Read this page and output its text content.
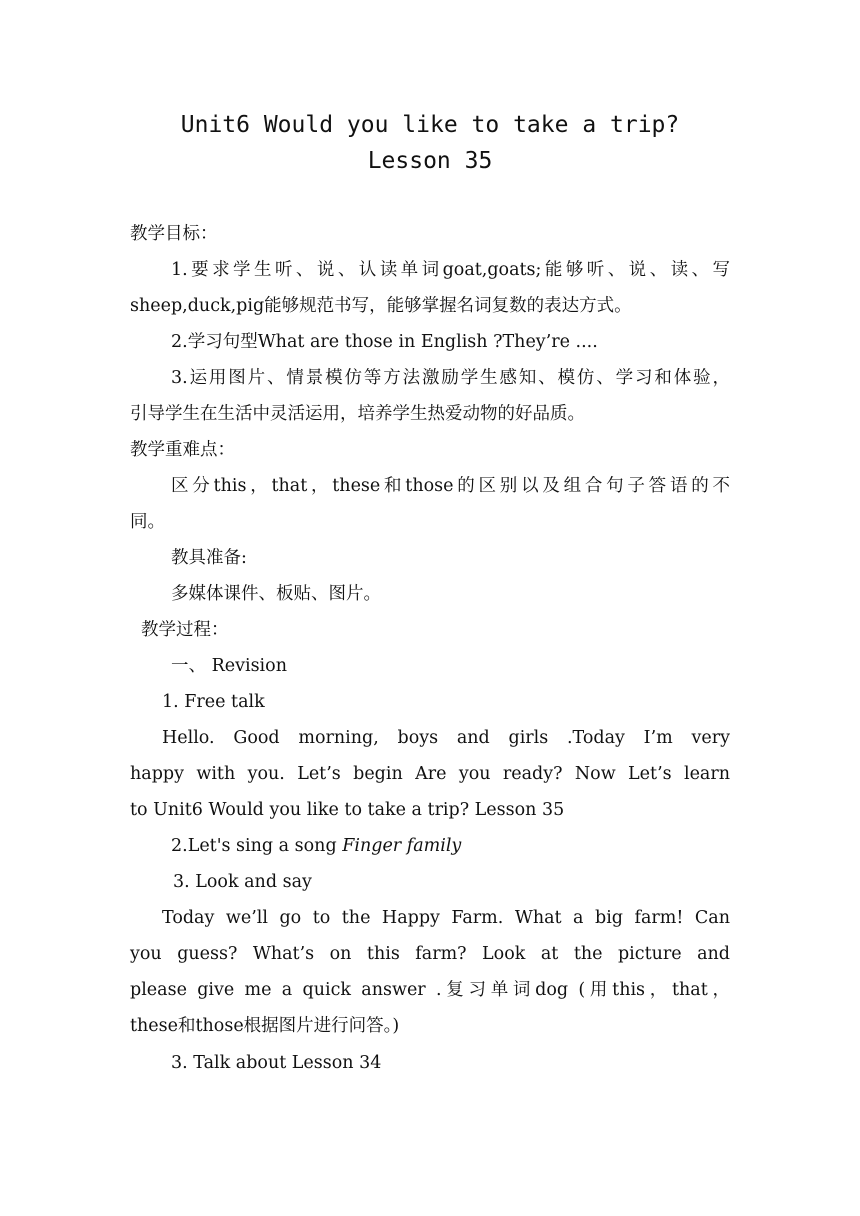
Unit6 Would you like to take a trip?
Lesson 35
教学目标：
1.要求学生听、说、认读单词goat,goats;能够听、说、读、写
sheep,duck,pig能够规范书写，能够掌握名词复数的表达方式。
2.学习句型What are those in English ?They’re ....
3.运用图片、情景模仿等方法激励学生感知、模仿、学习和体验，
引导学生在生活中灵活运用，培养学生热爱动物的好品质。
教学重难点：
区分this，that，these和those的区别以及组合句子答语的不
同。
教具准备:
多媒体课件、板贴、图片。
教学过程：
一、 Revision
1. Free talk
Hello. Good morning, boys and girls .Today I’m very
happy with you. Let’s begin Are you ready? Now Let’s learn
to Unit6 Would you like to take a trip? Lesson 35
2.Let's sing a song Finger family
3. Look and say
Today we’ll go to the Happy Farm. What a big farm! Can
you guess? What’s on this farm? Look at the picture and
please give me a quick answer .复习单词dog (用this，that，
these和those根据图片进行问答。)
3. Talk about Lesson 34
